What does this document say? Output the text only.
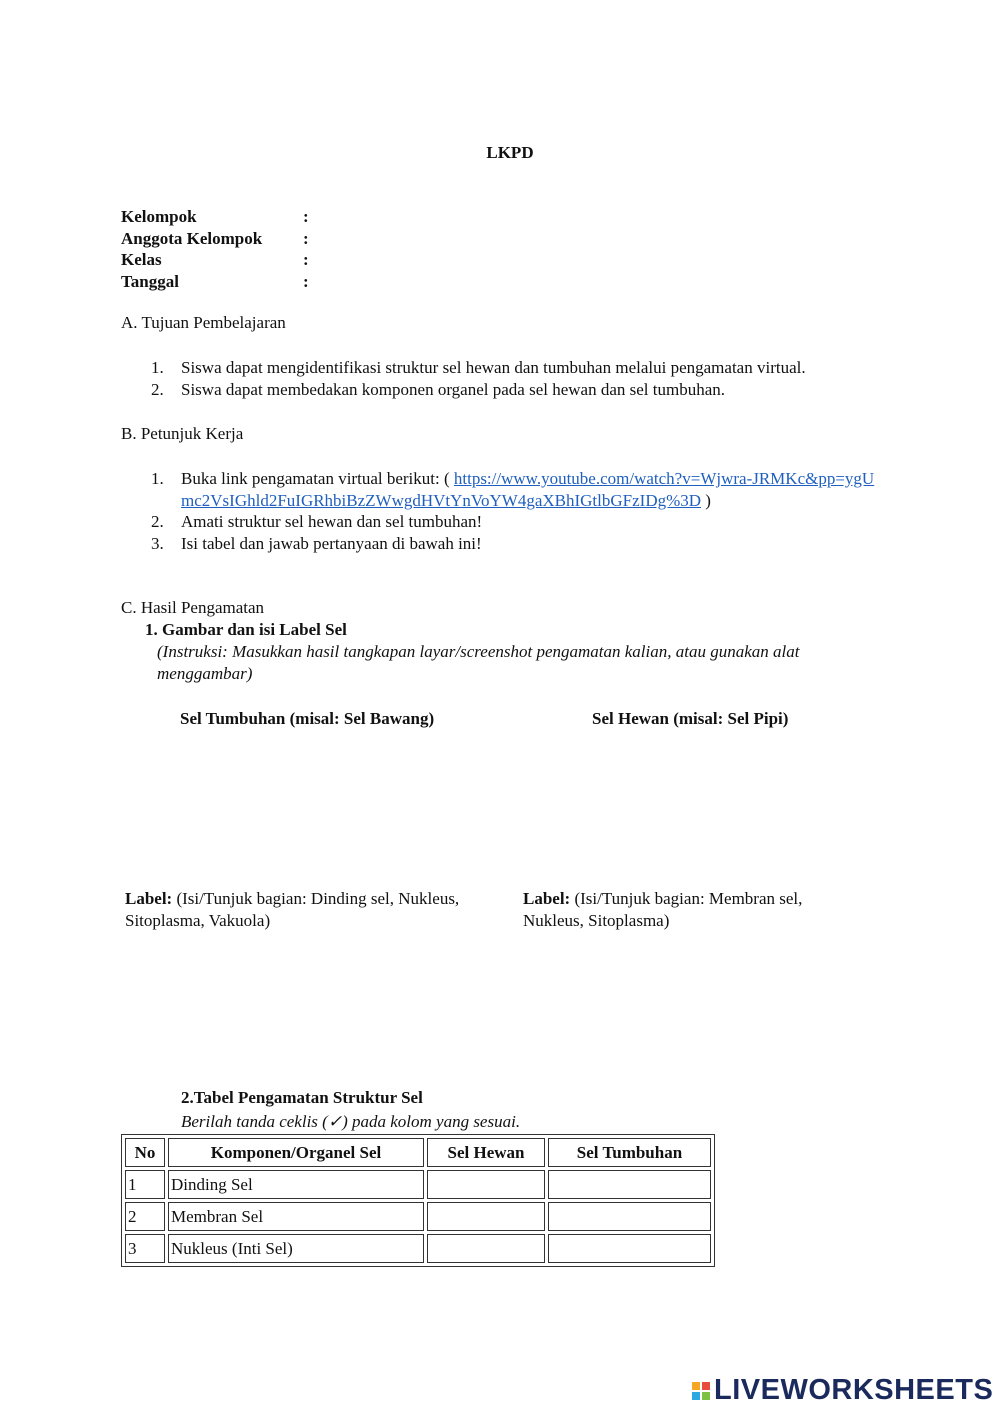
LKPD
Kelompok	:
Anggota Kelompok	:
Kelas	:
Tanggal	:
A. Tujuan Pembelajaran
1.	Siswa dapat mengidentifikasi struktur sel hewan dan tumbuhan melalui pengamatan virtual.
2.	Siswa dapat membedakan komponen organel pada sel hewan dan sel tumbuhan.
B. Petunjuk Kerja
1.	Buka link pengamatan virtual berikut: ( https://www.youtube.com/watch?v=Wjwra-JRMKc&pp=ygUmc2VsIGhld2FuIGRhbiBzZWwgdHVtYnVoYW4gaXBhIGtlbGFzIDg%3D )
2.	Amati struktur sel hewan dan sel tumbuhan!
3.	Isi tabel dan jawab pertanyaan di bawah ini!
C. Hasil Pengamatan
1. Gambar dan isi Label Sel
(Instruksi: Masukkan hasil tangkapan layar/screenshot pengamatan kalian, atau gunakan alat menggambar)
Sel Tumbuhan (misal: Sel Bawang)	Sel Hewan (misal: Sel Pipi)
Label: (Isi/Tunjuk bagian: Dinding sel, Nukleus, Sitoplasma, Vakuola)
Label: (Isi/Tunjuk bagian: Membran sel, Nukleus, Sitoplasma)
2.Tabel Pengamatan Struktur Sel
Berilah tanda ceklis (✓) pada kolom yang sesuai.
No	Komponen/Organel Sel	Sel Hewan	Sel Tumbuhan
1	Dinding Sel		
2	Membran Sel		
3	Nukleus (Inti Sel)		
LIVEWORKSHEETS
